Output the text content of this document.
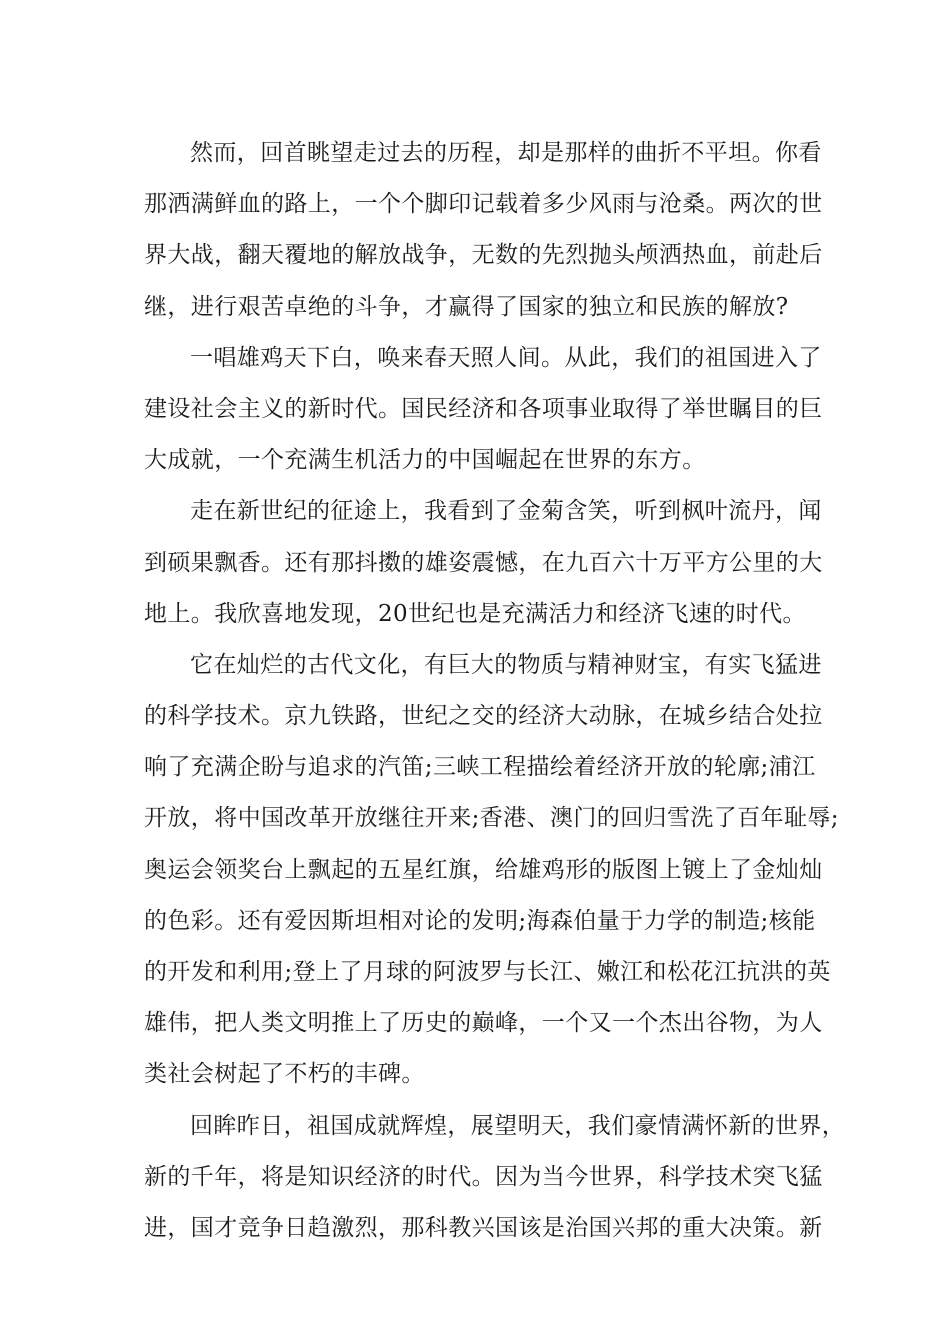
然而，回首眺望走过去的历程，却是那样的曲折不平坦。你看
那洒满鲜血的路上，一个个脚印记载着多少风雨与沧桑。两次的世
界大战，翻天覆地的解放战争，无数的先烈抛头颅洒热血，前赴后
继，进行艰苦卓绝的斗争，才赢得了国家的独立和民族的解放?

一唱雄鸡天下白，唤来春天照人间。从此，我们的祖国进入了
建设社会主义的新时代。国民经济和各项事业取得了举世瞩目的巨
大成就，一个充满生机活力的中国崛起在世界的东方。

走在新世纪的征途上，我看到了金菊含笑，听到枫叶流丹，闻
到硕果飘香。还有那抖擞的雄姿震憾，在九百六十万平方公里的大
地上。我欣喜地发现，20世纪也是充满活力和经济飞速的时代。

它在灿烂的古代文化，有巨大的物质与精神财宝，有实飞猛进
的科学技术。京九铁路，世纪之交的经济大动脉，在城乡结合处拉
响了充满企盼与追求的汽笛;三峡工程描绘着经济开放的轮廓;浦江
开放，将中国改革开放继往开来;香港、澳门的回归雪洗了百年耻辱;
奥运会领奖台上飘起的五星红旗，给雄鸡形的版图上镀上了金灿灿
的色彩。还有爱因斯坦相对论的发明;海森伯量于力学的制造;核能
的开发和利用;登上了月球的阿波罗与长江、嫩江和松花江抗洪的英
雄伟，把人类文明推上了历史的巅峰，一个又一个杰出谷物，为人
类社会树起了不朽的丰碑。

回眸昨日，祖国成就辉煌，展望明天，我们豪情满怀新的世界，
新的千年，将是知识经济的时代。因为当今世界，科学技术突飞猛
进，国才竞争日趋激烈，那科教兴国该是治国兴邦的重大决策。新
